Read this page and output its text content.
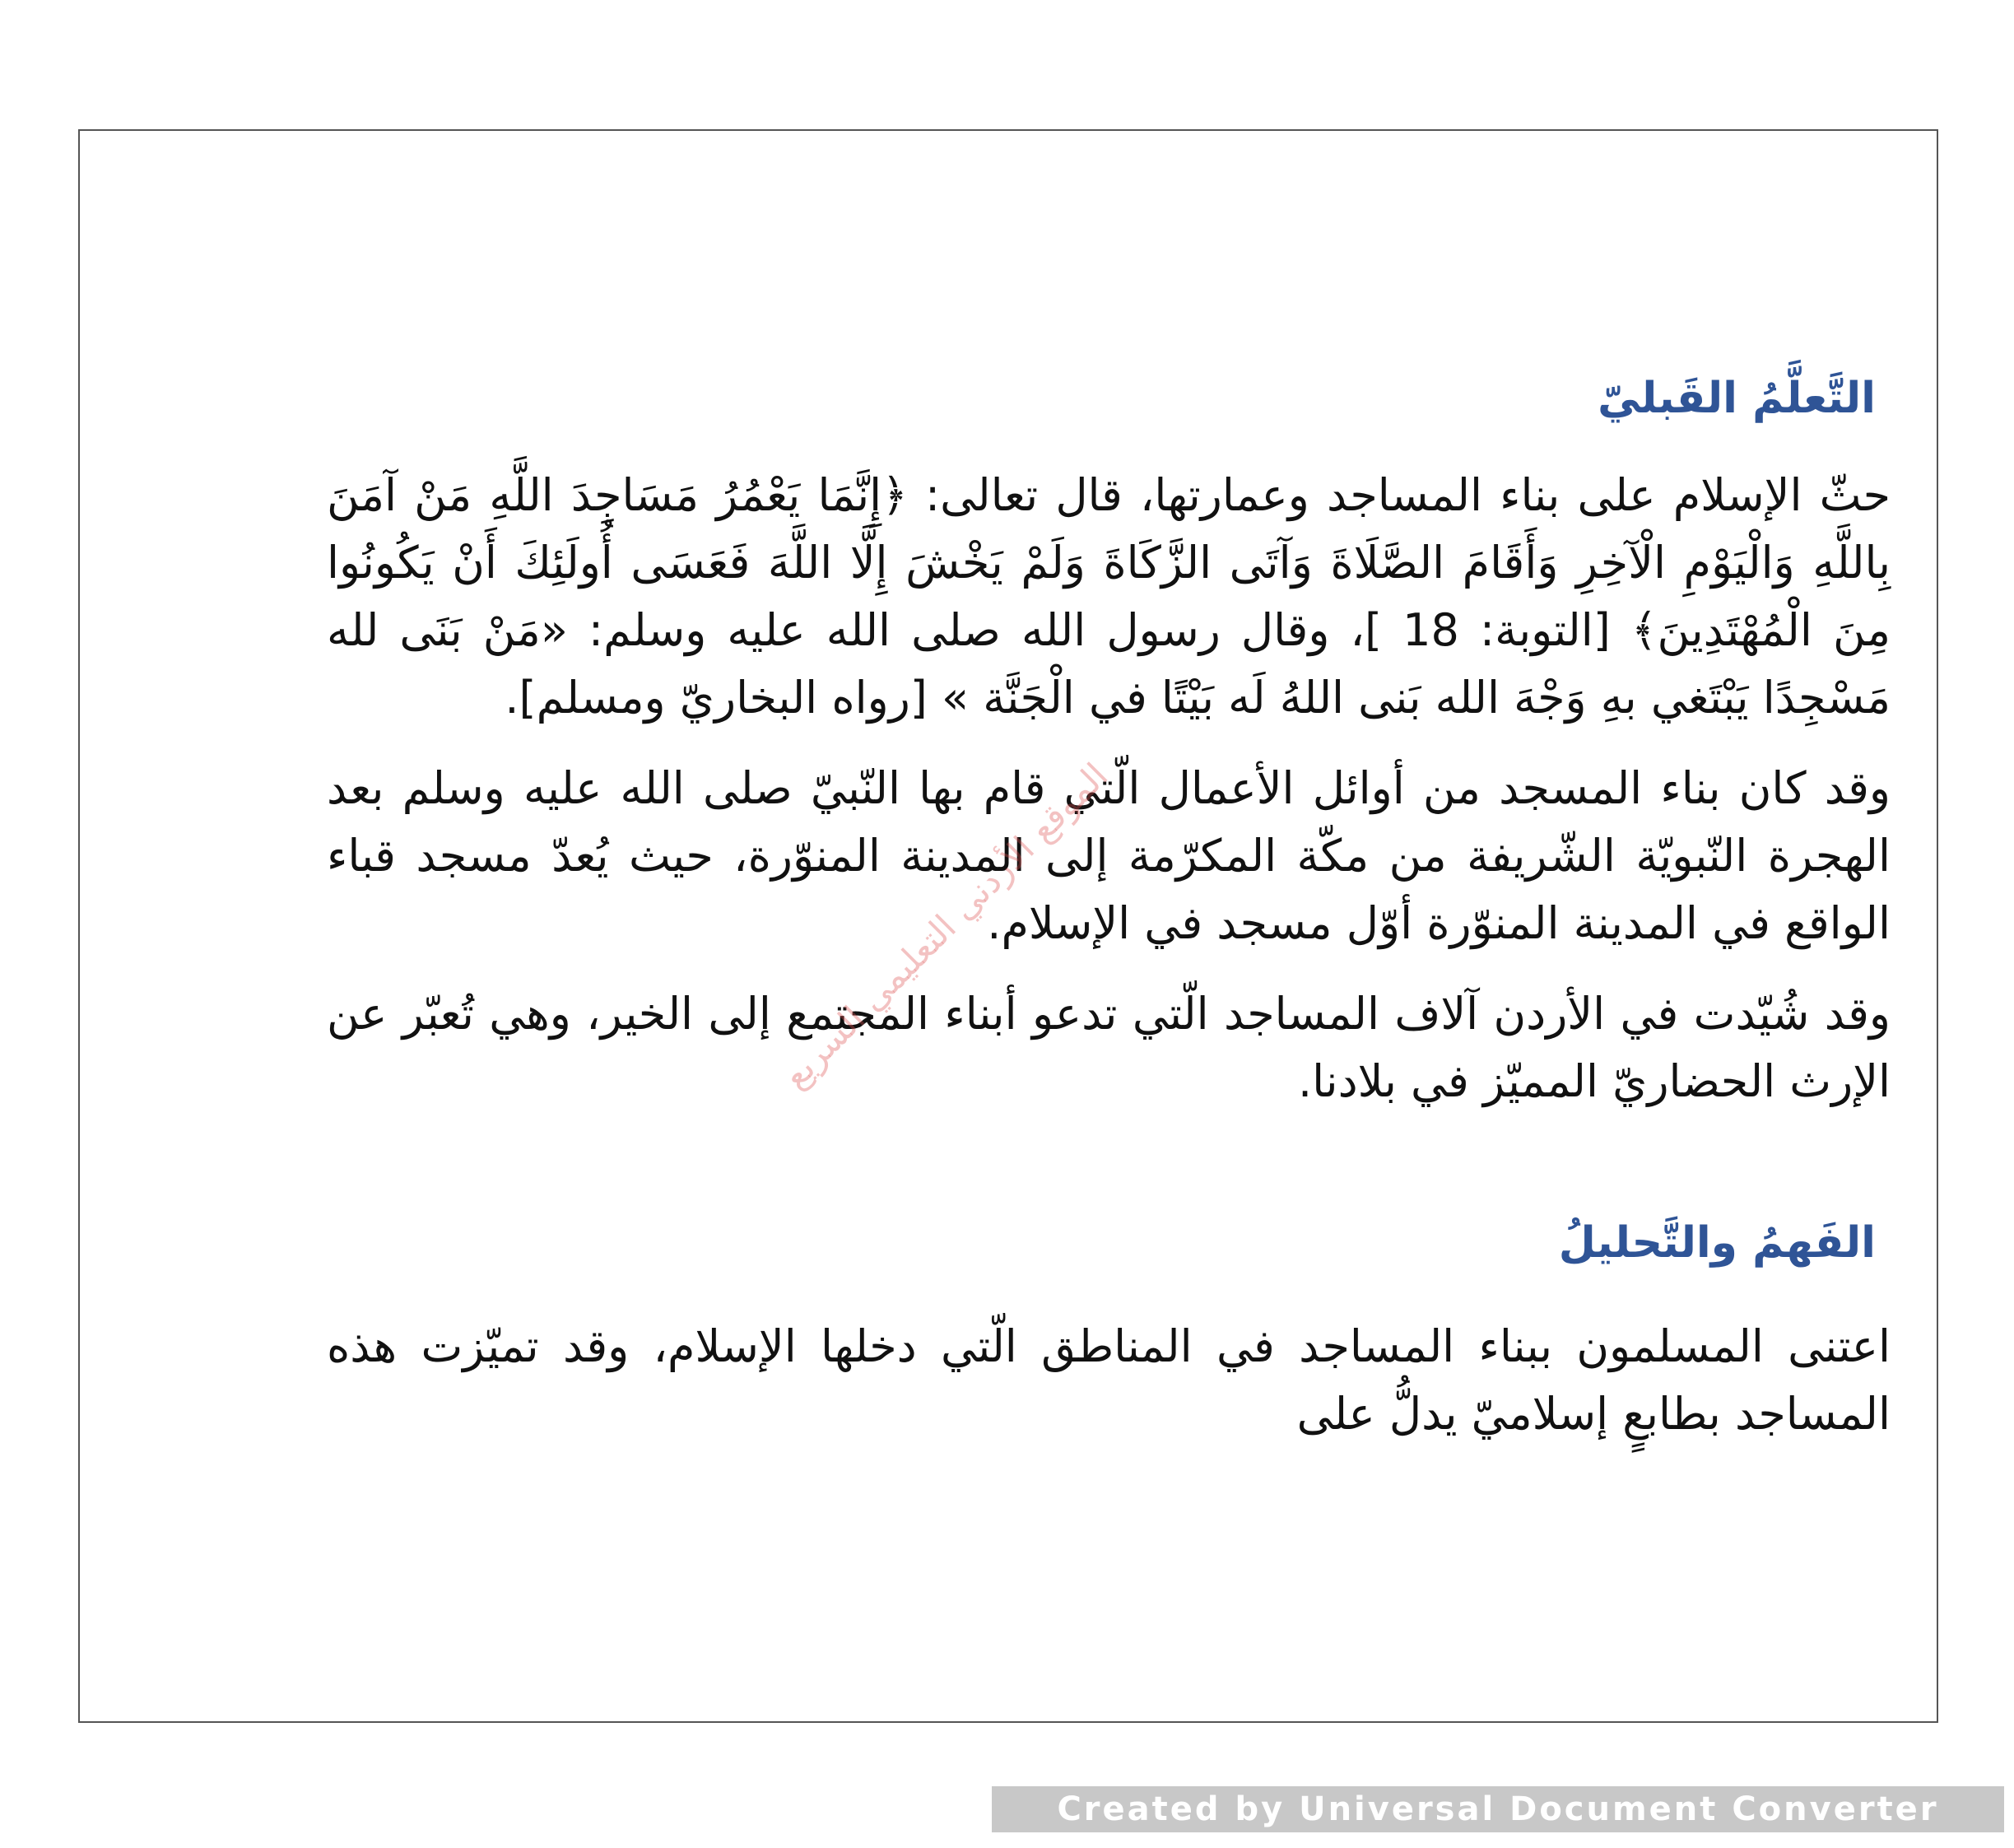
التَّعلَّمُ القَبليّ

حثّ الإسلام على بناء المساجد وعمارتها، قال تعالى: ﴿إِنَّمَا يَعْمُرُ مَسَاجِدَ اللَّهِ مَنْ آمَنَ بِاللَّهِ وَالْيَوْمِ الْآخِرِ وَأَقَامَ الصَّلَاةَ وَآتَى الزَّكَاةَ وَلَمْ يَخْشَ إِلَّا اللَّهَ فَعَسَى أُولَئِكَ أَنْ يَكُونُوا مِنَ الْمُهْتَدِينَ﴾ [التوبة: 18 ]، وقال رسول الله صلى الله عليه وسلم: «مَنْ بَنَى لله مَسْجِدًا يَبْتَغي بهِ وَجْهَ الله بَنى اللهُ لَه بَيْتًا في الْجَنَّة » [رواه البخاريّ ومسلم].

وقد كان بناء المسجد من أوائل الأعمال الّتي قام بها النّبيّ صلى الله عليه وسلم بعد الهجرة النّبويّة الشّريفة من مكّة المكرّمة إلى المدينة المنوّرة، حيث يُعدّ مسجد قباء الواقع في المدينة المنوّرة أوّل مسجد في الإسلام.

وقد شُيّدت في الأردن آلاف المساجد الّتي تدعو أبناء المجتمع إلى الخير، وهي تُعبّر عن الإرث الحضاريّ المميّز في بلادنا.

الفَهمُ والتَّحليلُ

اعتنى المسلمون ببناء المساجد في المناطق الّتي دخلها الإسلام، وقد تميّزت هذه المساجد بطابعٍ إسلاميّ يدلُّ على

الموقع الأردني التعليمي السريع
Created by Universal Document Converter
